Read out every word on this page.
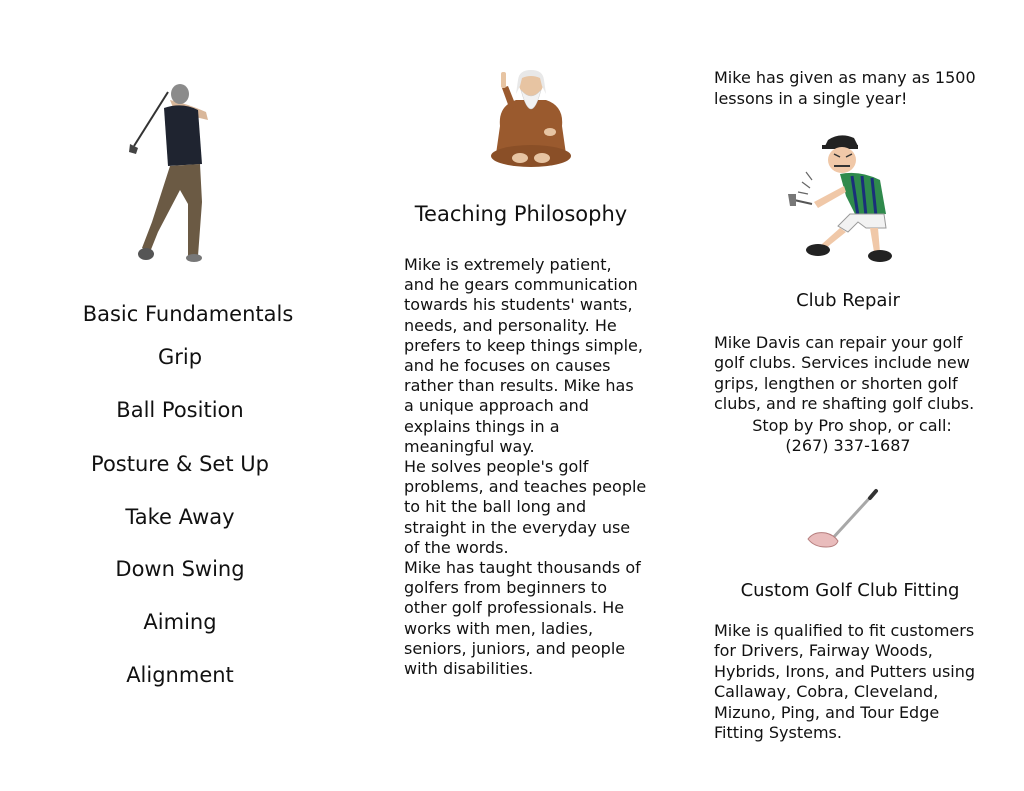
Basic Fundamentals
Grip
Ball Position
Posture & Set Up
Take Away
Down Swing
Aiming
Alignment
Teaching Philosophy
Mike is extremely patient,
and he gears communication
towards his students' wants,
needs, and personality. He
prefers to keep things simple,
and he focuses on causes
rather than results. Mike has
a unique approach and
explains things in a
meaningful way.
He solves people's golf
problems, and teaches people
to hit the ball long and
straight in the everyday use
of the words.
Mike has taught thousands of
golfers from beginners to
other golf professionals. He
works with men, ladies,
seniors, juniors, and people
with disabilities.
Mike has given as many as 1500
lessons in a single year!
Club Repair
Mike Davis can repair your golf
golf clubs. Services include new
grips, lengthen or shorten golf
clubs, and re shafting golf clubs.
Stop by Pro shop, or call:
(267) 337-1687
Custom Golf Club Fitting
Mike is qualified to fit customers
for Drivers, Fairway Woods,
Hybrids, Irons, and Putters using
Callaway, Cobra, Cleveland,
Mizuno, Ping, and Tour Edge
Fitting Systems.
